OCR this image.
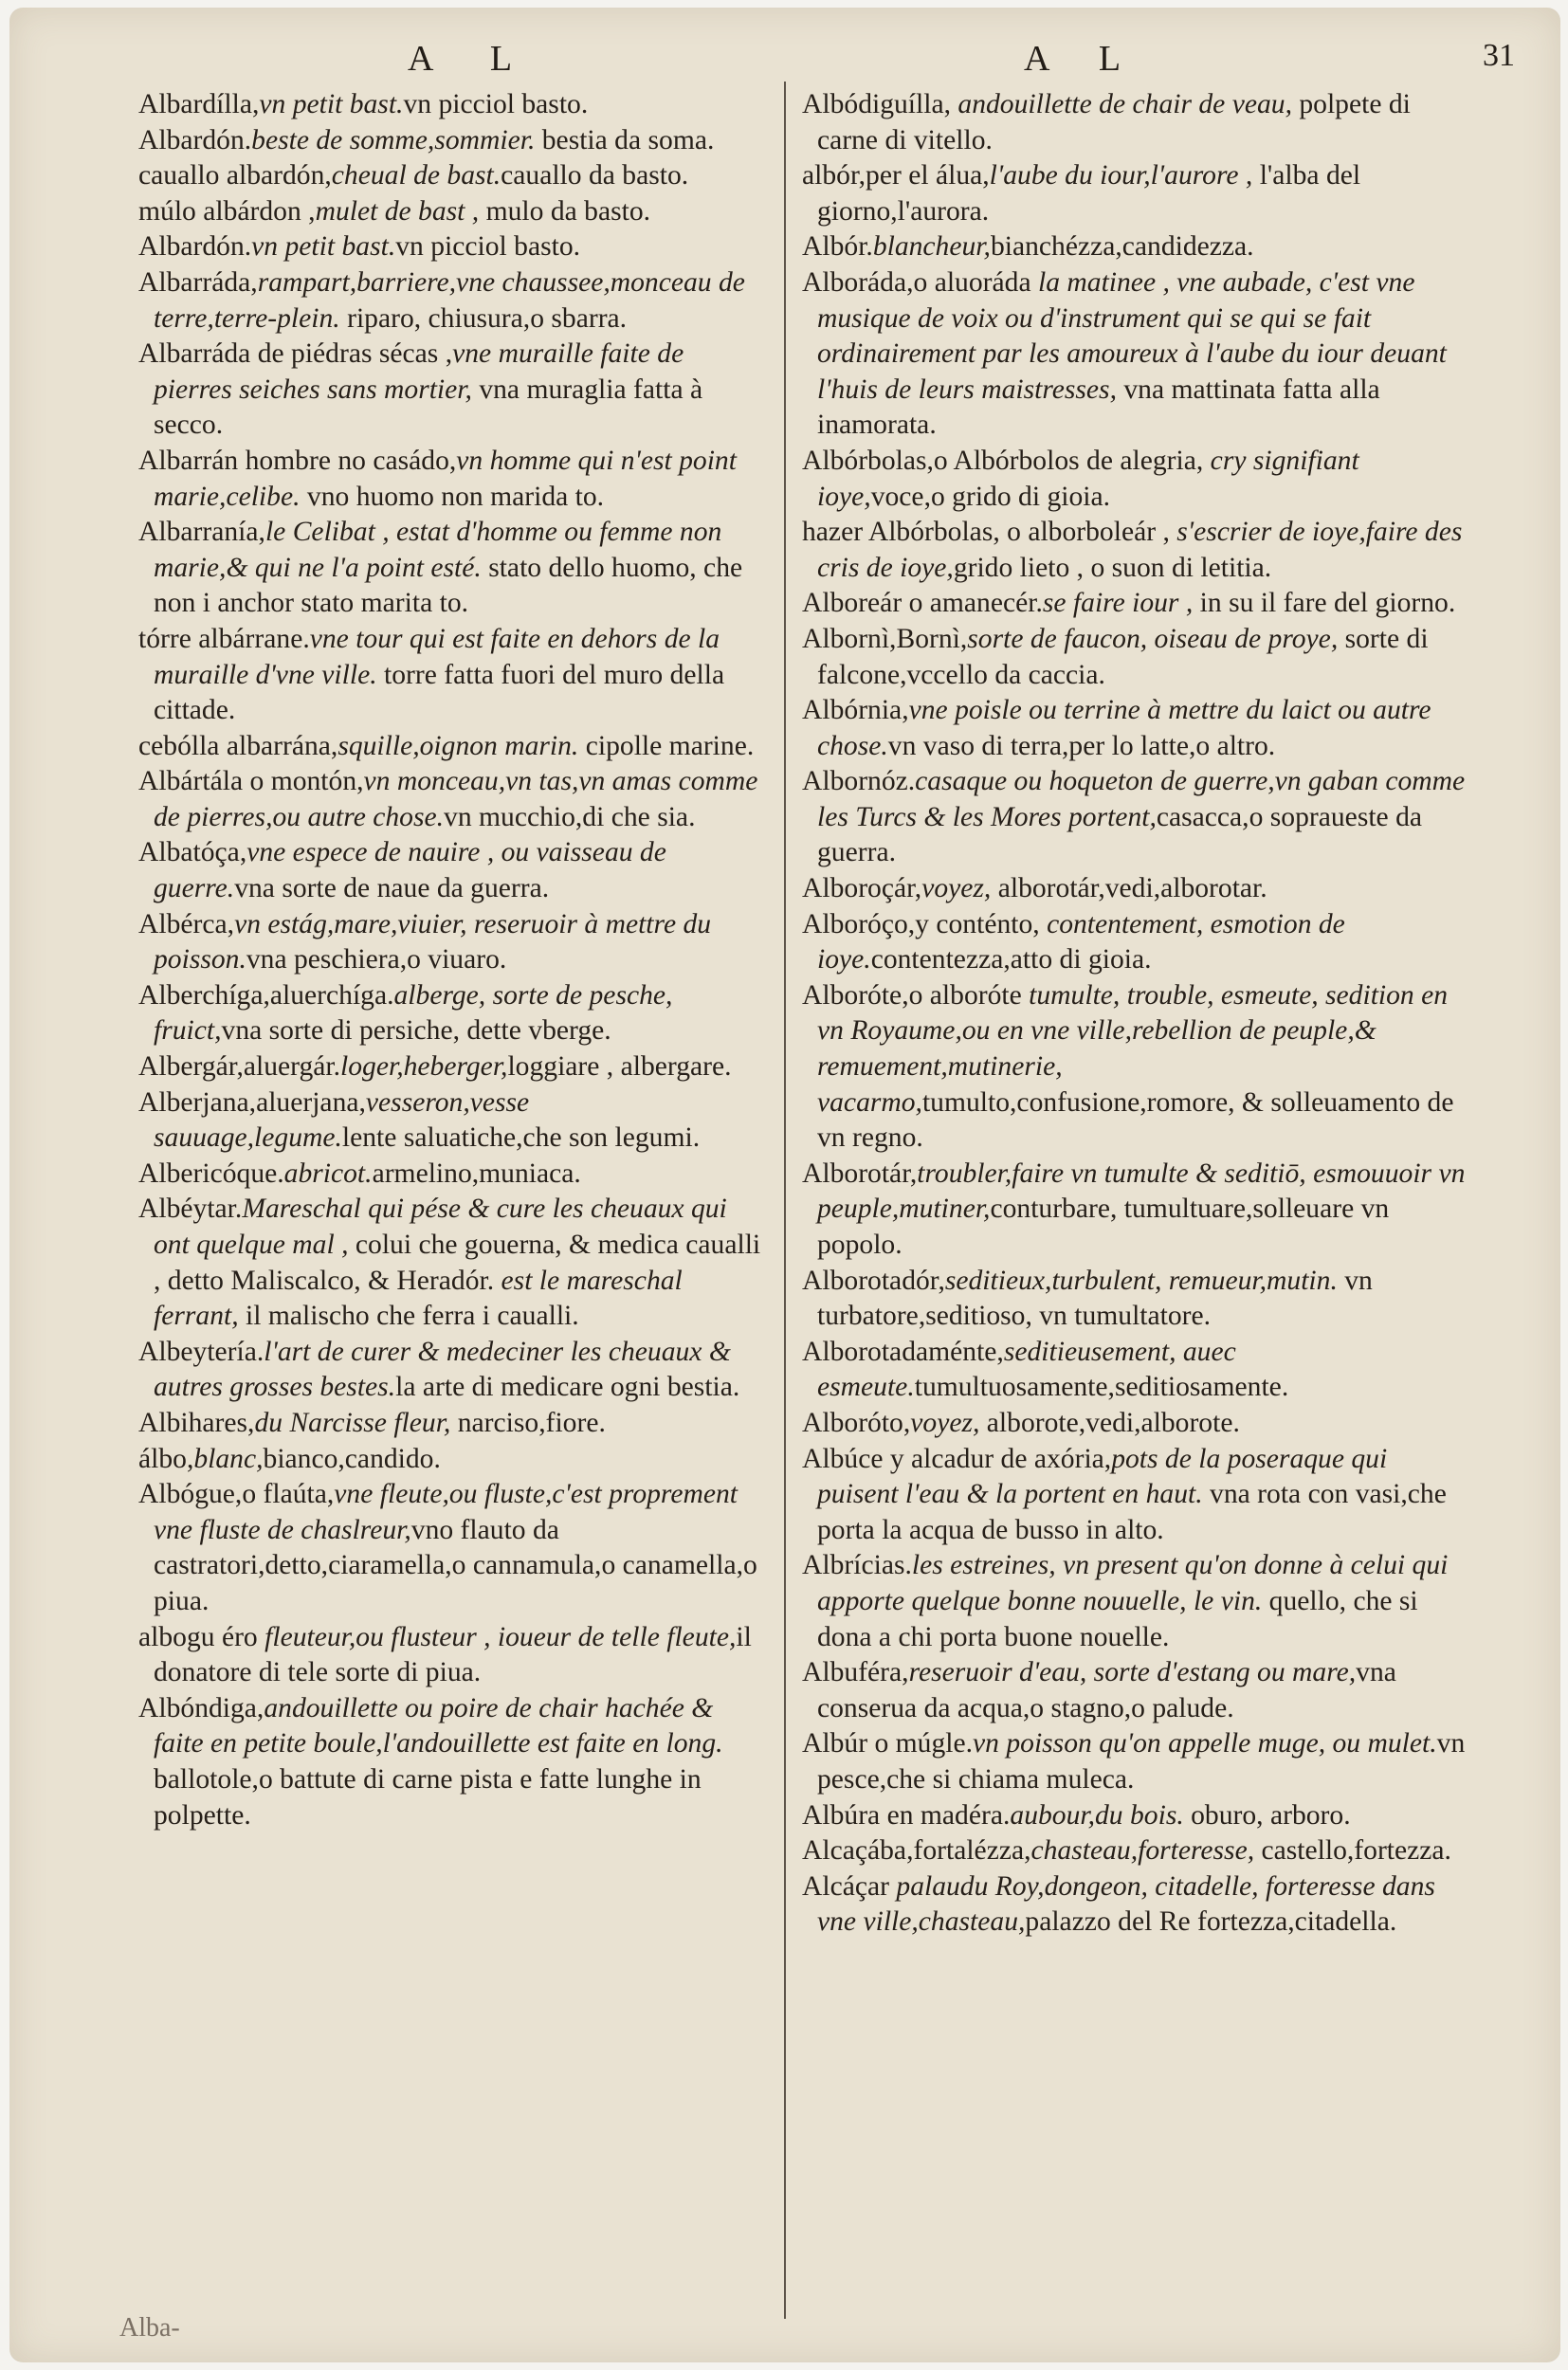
A L	A L	31
Albardílla,vn petit bast.vn picciol basto.
Albardón.beste de somme,sommier. bestia da soma.
cauallo albardón,cheual de bast.cauallo da basto.
múlo albárdon ,mulet de bast , mulo da basto.
Albardón.vn petit bast.vn picciol basto.
Albarráda,rampart,barriere,vne chaussee,monceau de terre,terre-plein. riparo, chiusura,o sbarra.
Albarráda de piédras sécas ,vne muraille faite de pierres seiches sans mortier, vna muraglia fatta à secco.
Albarrán hombre no casádo,vn homme qui n'est point marie,celibe. vno huomo non marida to.
Albarranía,le Celibat , estat d'homme ou femme non marie,& qui ne l'a point esté. stato dello huomo, che non i anchor stato marita to.
tórre albárrane.vne tour qui est faite en dehors de la muraille d'vne ville. torre fatta fuori del muro della cittade.
cebólla albarrána,squille,oignon marin. cipolle marine.
Albártála o montón,vn monceau,vn tas,vn amas comme de pierres,ou autre chose.vn mucchio,di che sia.
Albatóça,vne espece de nauire , ou vaisseau de guerre.vna sorte de naue da guerra.
Albérca,vn estág,mare,viuier, reseruoir à mettre du poisson.vna peschiera,o viuaro.
Alberchíga,aluerchíga.alberge, sorte de pesche, fruict,vna sorte di persiche, dette vberge.
Albergár,aluergár.loger,heberger,loggiare , albergare.
Alberjana,aluerjana,vesseron,vesse sauuage,legume.lente saluatiche,che son legumi.
Albericóque.abricot.armelino,muniaca.
Albéytar.Mareschal qui pése & cure les cheuaux qui ont quelque mal , colui che gouerna, & medica caualli , detto Maliscalco, & Heradór. est le mareschal ferrant, il malischo che ferra i caualli.
Albeytería.l'art de curer & medeciner les cheuaux & autres grosses bestes.la arte di medicare ogni bestia.
Albihares,du Narcisse fleur, narciso,fiore.
álbo,blanc,bianco,candido.
Albógue,o flaúta,vne fleute,ou fluste,c'est proprement vne fluste de chaslreur,vno flauto da castratori,detto,ciaramella,o cannamula,o canamella,o piua.
albogu éro fleuteur,ou flusteur , ioueur de telle fleute,il donatore di tele sorte di piua.
Albóndiga,andouillette ou poire de chair hachée & faite en petite boule,l'andouillette est faite en long. ballotole,o battute di carne pista e fatte lunghe in polpette.
Albódiguílla, andouillette de chair de veau, polpete di carne di vitello.
albór,per el álua,l'aube du iour,l'aurore , l'alba del giorno,l'aurora.
Albór.blancheur,bianchézza,candidezza.
Alboráda,o aluoráda la matinee , vne aubade, c'est vne musique de voix ou d'instrument qui se qui se fait ordinairement par les amoureux à l'aube du iour deuant l'huis de leurs maistresses, vna mattinata fatta alla inamorata.
Albórbolas,o Albórbolos de alegria, cry signifiant ioye,voce,o grido di gioia.
hazer Albórbolas, o alborboleár , s'escrier de ioye,faire des cris de ioye,grido lieto , o suon di letitia.
Alboreár o amanecér.se faire iour , in su il fare del giorno.
Albornì,Bornì,sorte de faucon, oiseau de proye, sorte di falcone,vccello da caccia.
Albórnia,vne poisle ou terrine à mettre du laict ou autre chose.vn vaso di terra,per lo latte,o altro.
Albornóz.casaque ou hoqueton de guerre,vn gaban comme les Turcs & les Mores portent,casacca,o sopraueste da guerra.
Alboroçár,voyez, alborotár,vedi,alborotar.
Alboróço,y conténto, contentement, esmotion de ioye.contentezza,atto di gioia.
Alboróte,o alboróte tumulte, trouble, esmeute, sedition en vn Royaume,ou en vne ville,rebellion de peuple,& remuement,mutinerie, vacarmo,tumulto,confusione,romore, & solleuamento de vn regno.
Alborotár,troubler,faire vn tumulte & seditiō, esmouuoir vn peuple,mutiner,conturbare, tumultuare,solleuare vn popolo.
Alborotadór,seditieux,turbulent, remueur,mutin. vn turbatore,seditioso, vn tumultatore.
Alborotadaménte,seditieusement, auec esmeute.tumultuosamente,seditiosamente.
Alboróto,voyez, alborote,vedi,alborote.
Albúce y alcadur de axória,pots de la poseraque qui puisent l'eau & la portent en haut. vna rota con vasi,che porta la acqua de busso in alto.
Albrícias.les estreines, vn present qu'on donne à celui qui apporte quelque bonne nouuelle, le vin. quello, che si dona a chi porta buone nouelle.
Albuféra,reseruoir d'eau, sorte d'estang ou mare,vna conserua da acqua,o stagno,o palude.
Albúr o múgle.vn poisson qu'on appelle muge, ou mulet.vn pesce,che si chiama muleca.
Albúra en madéra.aubour,du bois. oburo, arboro.
Alcaçába,fortalézza,chasteau,forteresse, castello,fortezza.
Alcáçar palaudu Roy,dongeon, citadelle, forteresse dans vne ville,chasteau,palazzo del Re fortezza,citadella.
Alba-
